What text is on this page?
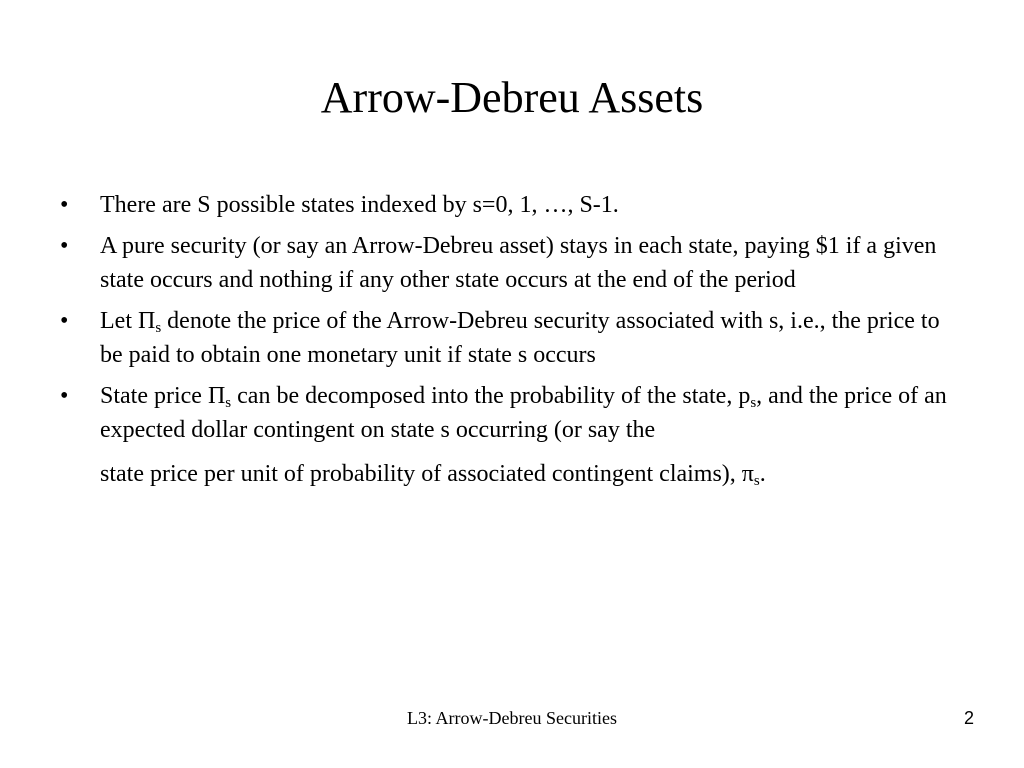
Arrow-Debreu Assets
•	There are S possible states indexed by s=0, 1, …, S-1.
•	A pure security (or say an Arrow-Debreu asset) stays in each state, paying $1 if a given state occurs and nothing if any other state occurs at the end of the period
•	Let $\Pi_s$ denote the price of the Arrow-Debreu security associated with s, i.e., the price to be paid to obtain one monetary unit if state s occurs
•	State price $\Pi_s$ can be decomposed into the probability of the state, $p_s$, and the price of an expected dollar contingent on state s occurring (or say the state price per unit of probability of associated contingent claims), $\pi_s$.
L3: Arrow-Debreu Securities	2
